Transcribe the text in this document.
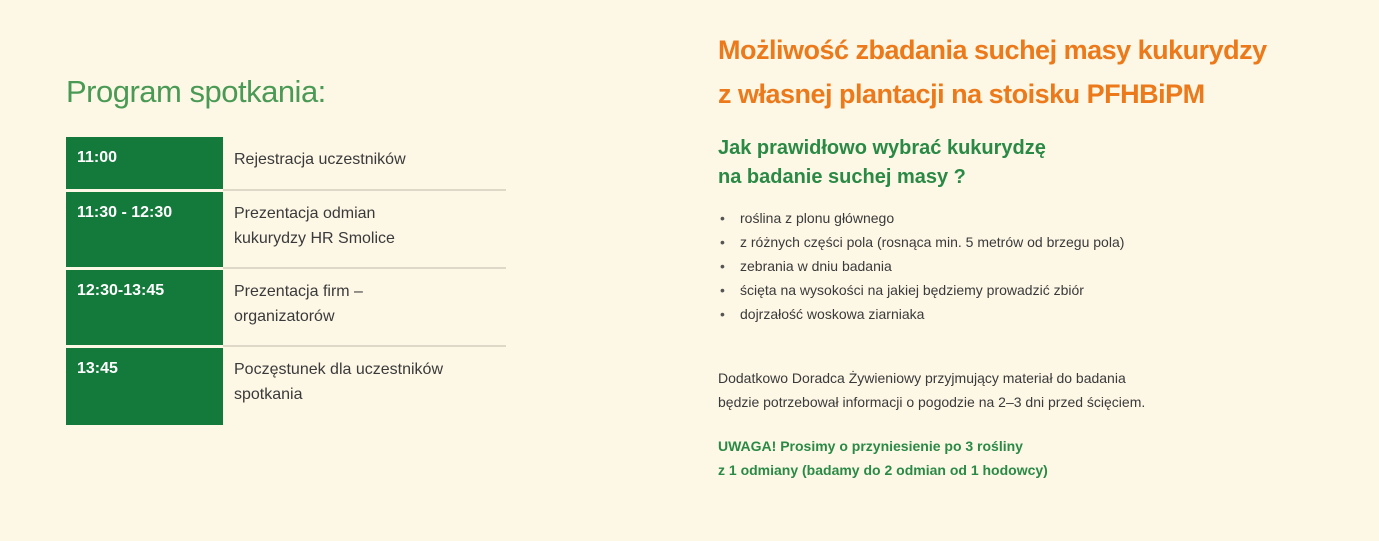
Program spotkania:
11:00	Rejestracja uczestników
11:30 - 12:30	Prezentacja odmian
kukurydzy HR Smolice
12:30-13:45	Prezentacja firm –
organizatorów
13:45	Poczęstunek dla uczestników
spotkania
Możliwość zbadania suchej masy kukurydzy
z własnej plantacji na stoisku PFHBiPM
Jak prawidłowo wybrać kukurydzę
na badanie suchej masy ?
• roślina z plonu głównego
• z różnych części pola (rosnąca min. 5 metrów od brzegu pola)
• zebrania w dniu badania
• ścięta na wysokości na jakiej będziemy prowadzić zbiór
• dojrzałość woskowa ziarniaka
Dodatkowo Doradca Żywieniowy przyjmujący materiał do badania
będzie potrzebował informacji o pogodzie na 2–3 dni przed ścięciem.
UWAGA! Prosimy o przyniesienie po 3 rośliny
z 1 odmiany (badamy do 2 odmian od 1 hodowcy)
